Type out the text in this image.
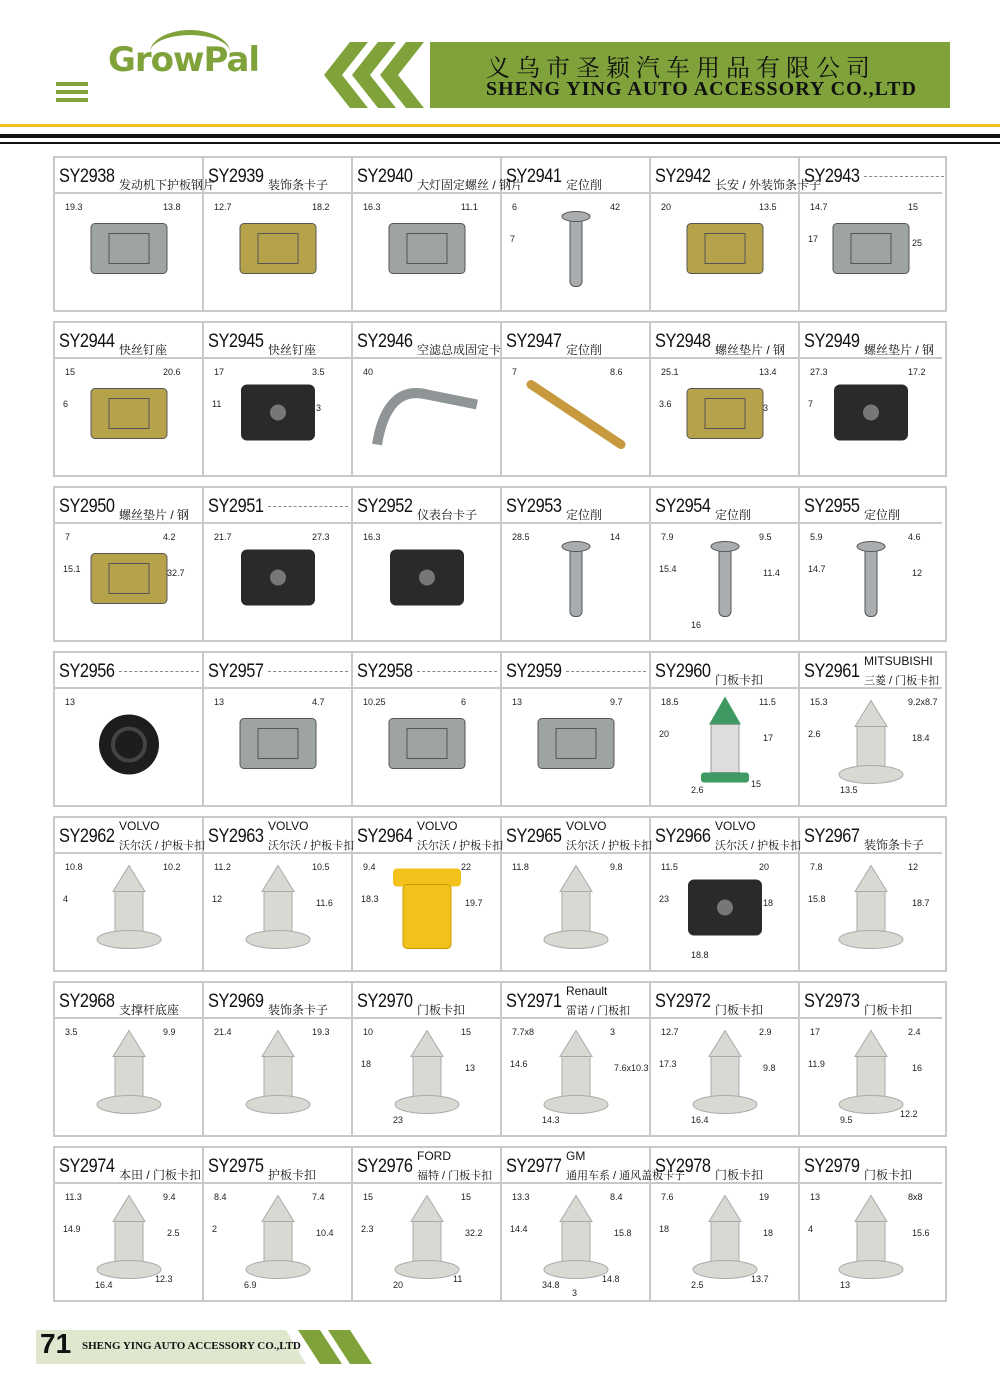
GrowPal	义乌市圣颖汽车用品有限公司
SHENG YING AUTO ACCESSORY CO.,LTD
SY2938 发动机下护板钢片
19.3	13.8
SY2939 装饰条卡子
12.7	18.2
SY2940 大灯固定螺丝 / 钢片
16.3	11.1
SY2941 定位削
6	42
7
SY2942 长安 / 外装饰条卡子
20	13.5
SY2943
14.7	15
17	25
SY2944 快丝钉座
15	20.6
6
SY2945 快丝钉座
17	3.5
11	3
SY2946 空滤总成固定卡
40
SY2947 定位削
7	8.6
SY2948 螺丝垫片 / 钢
25.1	13.4
3.6	3
SY2949 螺丝垫片 / 钢
27.3	17.2
7
SY2950 螺丝垫片 / 钢
7	4.2
15.1	32.7
SY2951
21.7	27.3
SY2952 仪表台卡子
16.3
SY2953 定位削
28.5	14
SY2954 定位削
7.9	9.5
15.4	11.4
16
SY2955 定位削
5.9	4.6
14.7	12
SY2956
13
SY2957
13	4.7
SY2958
10.25	6
SY2959
13	9.7
SY2960 门板卡扣
18.5	11.5
20	17
2.6
15
SY2961 MITSUBISHI
三菱 / 门板卡扣
15.3	9.2x8.7
2.6	18.4
13.5
SY2962 VOLVO
沃尔沃 / 护板卡扣
10.8	10.2
4
SY2963 VOLVO
沃尔沃 / 护板卡扣
11.2	10.5
12	11.6
SY2964 VOLVO
沃尔沃 / 护板卡扣
9.4	22
18.3	19.7
SY2965 VOLVO
沃尔沃 / 护板卡扣
11.8	9.8
SY2966 VOLVO
沃尔沃 / 护板卡扣
11.5	20
23	18
18.8
SY2967 装饰条卡子
7.8	12
15.8	18.7
SY2968 支撑杆底座
3.5	9.9
SY2969 装饰条卡子
21.4	19.3
SY2970 门板卡扣
10	15
18	13
23
SY2971 Renault
雷诺 / 门板扣
7.7x8	3
14.6	7.6x10.3
14.3
SY2972 门板卡扣
12.7	2.9
17.3	9.8
16.4
SY2973 门板卡扣
17	2.4
11.9	16
9.5
12.2
SY2974 本田 / 门板卡扣
11.3	9.4
14.9	2.5
16.4
12.3
SY2975 护板卡扣
8.4	7.4
2	10.4
6.9
SY2976 FORD
福特 / 门板卡扣
15	15
2.3	32.2
20
11
SY2977 GM
通用车系 / 通风盖板卡子
13.3	8.4
14.4	15.8
34.8
14.8
3
SY2978 门板卡扣
7.6	19
18	18
2.5
13.7
SY2979 门板卡扣
13	8x8
4	15.6
13
71 SHENG YING AUTO ACCESSORY CO.,LTD
